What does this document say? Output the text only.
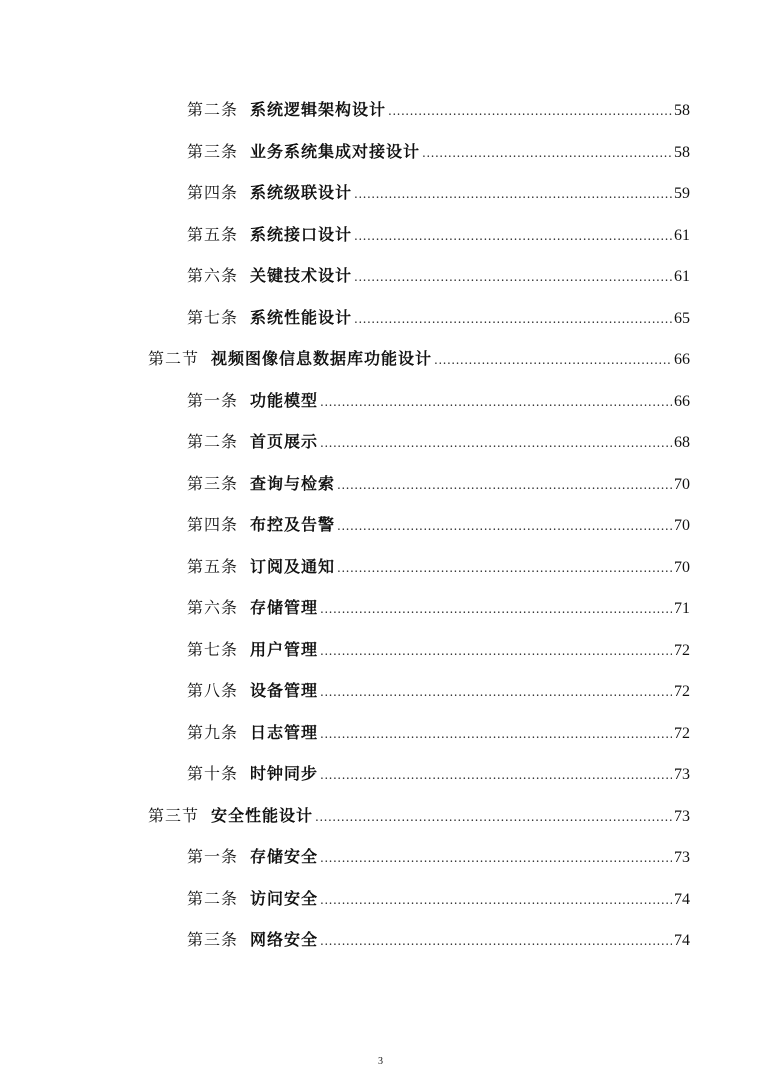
第二条 系统逻辑架构设计 .....	58
第三条 业务系统集成对接设计 .....	58
第四条 系统级联设计 .....	59
第五条 系统接口设计 .....	61
第六条 关键技术设计 .....	61
第七条 系统性能设计 .....	65
第二节 视频图像信息数据库功能设计 .....	66
第一条 功能模型 .....	66
第二条 首页展示 .....	68
第三条 查询与检索 .....	70
第四条 布控及告警 .....	70
第五条 订阅及通知 .....	70
第六条 存储管理 .....	71
第七条 用户管理 .....	72
第八条 设备管理 .....	72
第九条 日志管理 .....	72
第十条 时钟同步 .....	73
第三节 安全性能设计 .....	73
第一条 存储安全 .....	73
第二条 访问安全 .....	74
第三条 网络安全 .....	74
3
